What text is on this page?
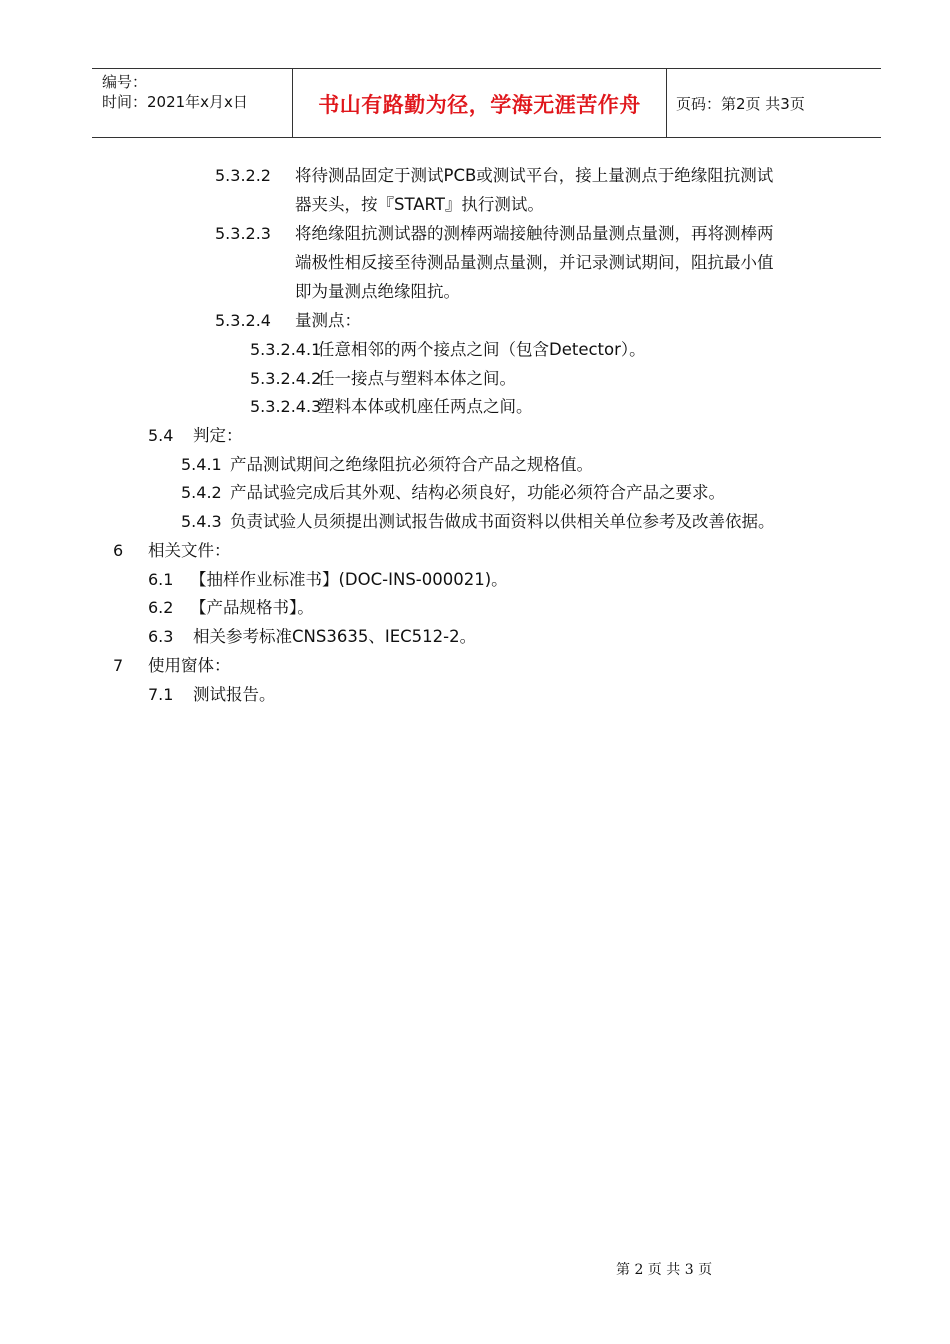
编号：
时间：2021年x月x日	书山有路勤为径，学海无涯苦作舟	页码：第2页 共3页
5.3.2.2 将待测品固定于测试PCB或测试平台，接上量测点于绝缘阻抗测试
器夹头，按『START』执行测试。
5.3.2.3 将绝缘阻抗测试器的测棒两端接触待测品量测点量测，再将测棒两
端极性相反接至待测品量测点量测，并记录测试期间，阻抗最小值
即为量测点绝缘阻抗。
5.3.2.4 量测点：
5.3.2.4.1
任意相邻的两个接点之间（包含Detector）。
5.3.2.4.2
任一接点与塑料本体之间。
5.3.2.4.3
塑料本体或机座任两点之间。
5.4 判定：
5.4.1 产品测试期间之绝缘阻抗必须符合产品之规格值。
5.4.2 产品试验完成后其外观、结构必须良好，功能必须符合产品之要求。
5.4.3 负责试验人员须提出测试报告做成书面资料以供相关单位参考及改善依据。
6 相关文件：
6.1 【抽样作业标准书】(DOC-INS-000021)。
6.2 【产品规格书】。
6.3 相关参考标准CNS3635、IEC512-2。
7 使用窗体：
7.1 测试报告。
第 2 页 共 3 页
